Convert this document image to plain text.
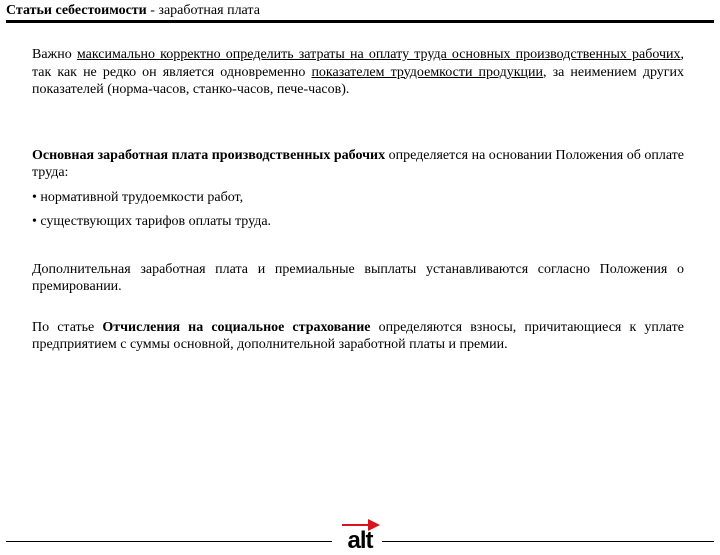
Статьи себестоимости - заработная плата

Важно максимально корректно определить затраты на оплату труда основных производственных рабочих, так как не редко он является одновременно показателем трудоемкости продукции, за неимением других показателей (норма-часов, станко-часов, пече-часов).

Основная заработная плата производственных рабочих определяется на основании Положения об оплате труда:

• нормативной трудоемкости работ,

• существующих тарифов оплаты труда.

Дополнительная заработная плата и премиальные выплаты устанавливаются согласно Положения о премировании.

По статье Отчисления на социальное страхование определяются взносы, причитающиеся к уплате предприятием с суммы основной, дополнительной заработной платы и премии.

alt
